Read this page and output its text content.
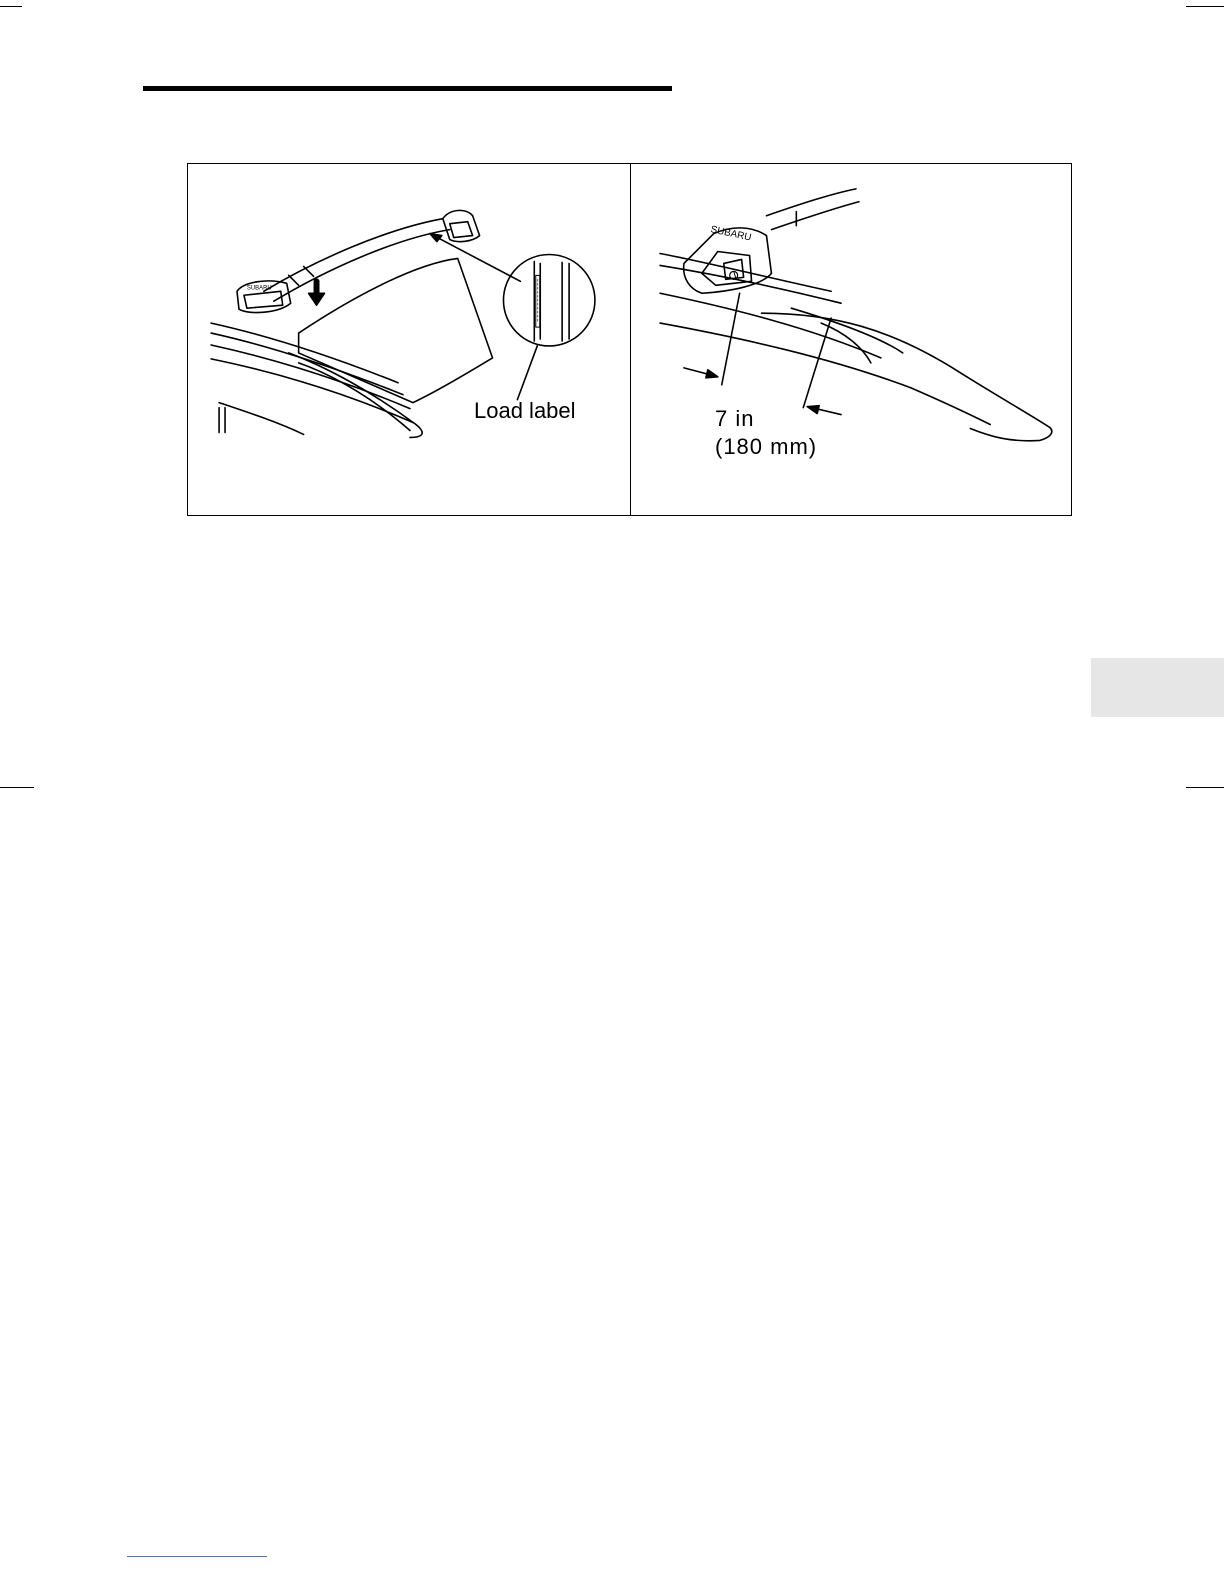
SUBARU
Load label
SUBARU
7 in
(180 mm)
